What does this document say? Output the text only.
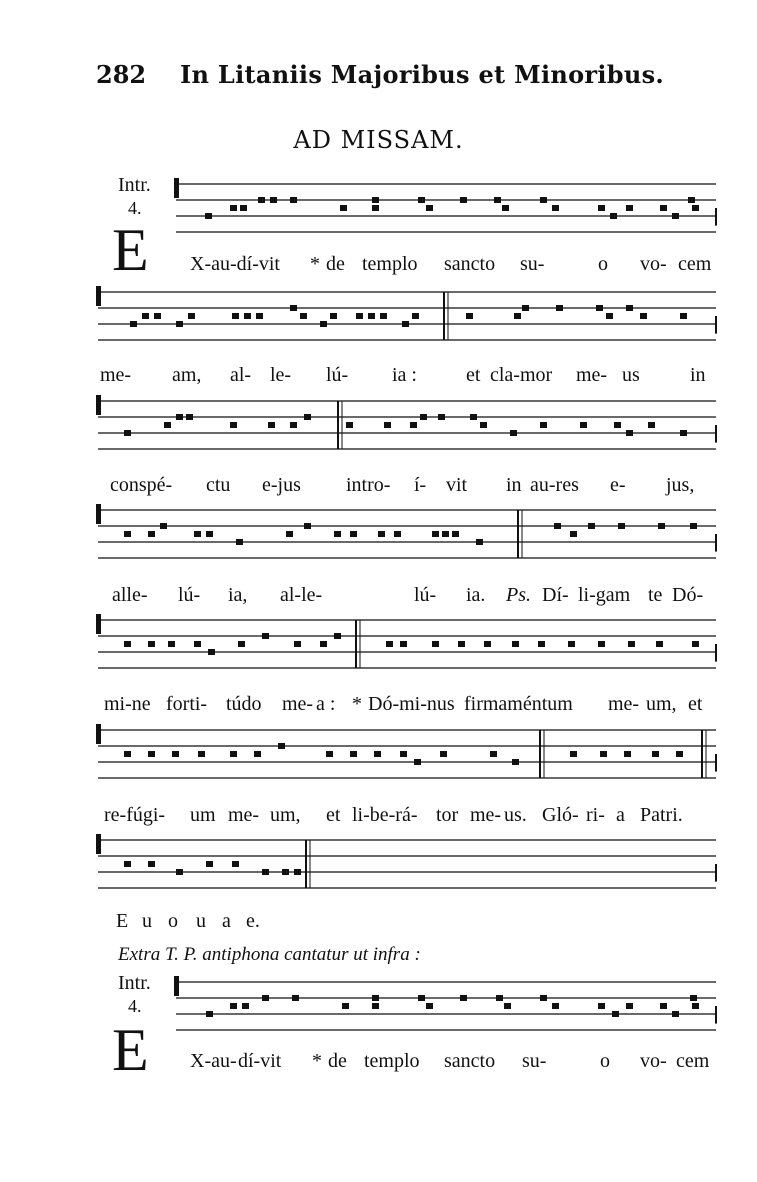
282 In Litaniis Majoribus et Minoribus.
AD MISSAM.
Intr.
4.
E X-au-dí-vit * de templo sancto su-	o vo- cem
me- am, al- le- lú- ia : et cla-mor me- us	in
conspé- ctu e-jus intro- í- vit in au-res e- jus,
alle- lú- ia, al-le-	lú- ia. Ps. Dí- li-gam te Dó-
mi-ne forti- túdo me- a : * Dó-mi-nus firmaméntum me- um, et
re-fúgi- um me- um, et li-be-rá- tor me- us. Gló- ri- a Patri.
E u o u a e.
Extra T. P. antiphona cantatur ut infra :
Intr.
4.
E X-au- dí-vit * de templo sancto su-	o vo- cem
